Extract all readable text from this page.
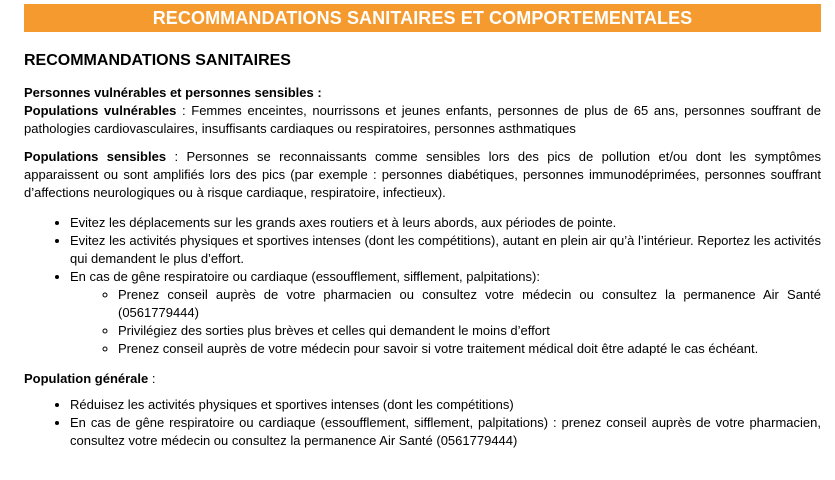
RECOMMANDATIONS SANITAIRES ET COMPORTEMENTALES
RECOMMANDATIONS SANITAIRES

Personnes vulnérables et personnes sensibles :

Populations vulnérables : Femmes enceintes, nourrissons et jeunes enfants, personnes de plus de 65 ans, personnes souffrant de pathologies cardiovasculaires, insuffisants cardiaques ou respiratoires, personnes asthmatiques

Populations sensibles : Personnes se reconnaissants comme sensibles lors des pics de pollution et/ou dont les symptômes apparaissent ou sont amplifiés lors des pics (par exemple : personnes diabétiques, personnes immunodéprimées, personnes souffrant d’affections neurologiques ou à risque cardiaque, respiratoire, infectieux).

• Evitez les déplacements sur les grands axes routiers et à leurs abords, aux périodes de pointe.
• Evitez les activités physiques et sportives intenses (dont les compétitions), autant en plein air qu’à l’intérieur. Reportez les activités qui demandent le plus d’effort.
• En cas de gêne respiratoire ou cardiaque (essoufflement, sifflement, palpitations):
◦ Prenez conseil auprès de votre pharmacien ou consultez votre médecin ou consultez la permanence Air Santé (0561779444)
◦ Privilégiez des sorties plus brèves et celles qui demandent le moins d’effort
◦ Prenez conseil auprès de votre médecin pour savoir si votre traitement médical doit être adapté le cas échéant.

Population générale :

• Réduisez les activités physiques et sportives intenses (dont les compétitions)
• En cas de gêne respiratoire ou cardiaque (essoufflement, sifflement, palpitations) : prenez conseil auprès de votre pharmacien, consultez votre médecin ou consultez la permanence Air Santé (0561779444)
